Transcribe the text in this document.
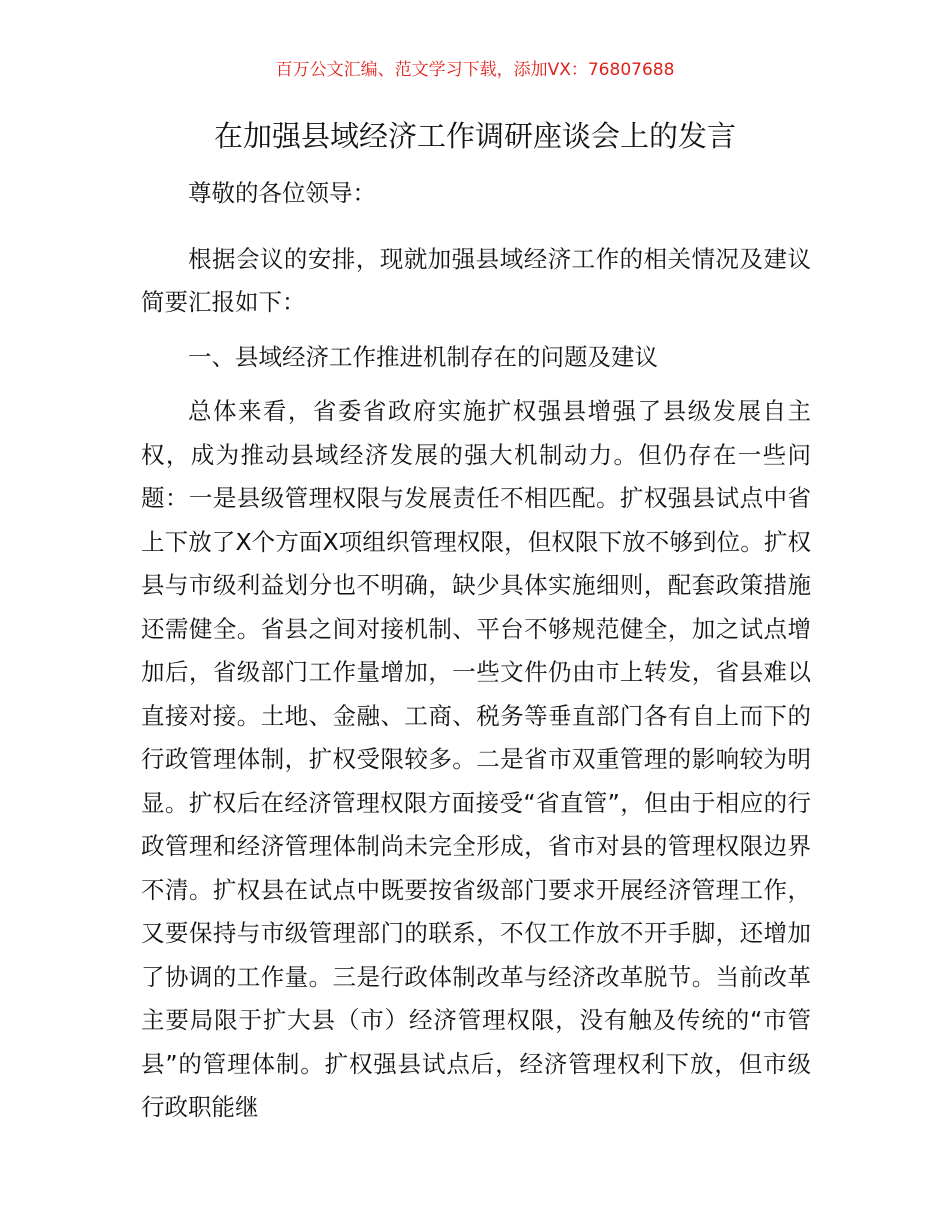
百万公文汇编、范文学习下载，添加VX：76807688
在加强县域经济工作调研座谈会上的发言

尊敬的各位领导：

根据会议的安排，现就加强县域经济工作的相关情况及建议简要汇报如下：

一、县域经济工作推进机制存在的问题及建议

总体来看，省委省政府实施扩权强县增强了县级发展自主权，成为推动县域经济发展的强大机制动力。但仍存在一些问题：一是县级管理权限与发展责任不相匹配。扩权强县试点中省上下放了X个方面X项组织管理权限，但权限下放不够到位。扩权县与市级利益划分也不明确，缺少具体实施细则，配套政策措施还需健全。省县之间对接机制、平台不够规范健全，加之试点增加后，省级部门工作量增加，一些文件仍由市上转发，省县难以直接对接。土地、金融、工商、税务等垂直部门各有自上而下的行政管理体制，扩权受限较多。二是省市双重管理的影响较为明显。扩权后在经济管理权限方面接受“省直管”，但由于相应的行政管理和经济管理体制尚未完全形成，省市对县的管理权限边界不清。扩权县在试点中既要按省级部门要求开展经济管理工作，又要保持与市级管理部门的联系，不仅工作放不开手脚，还增加了协调的工作量。三是行政体制改革与经济改革脱节。当前改革主要局限于扩大县（市）经济管理权限，没有触及传统的“市管县”的管理体制。扩权强县试点后，经济管理权利下放，但市级行政职能继
